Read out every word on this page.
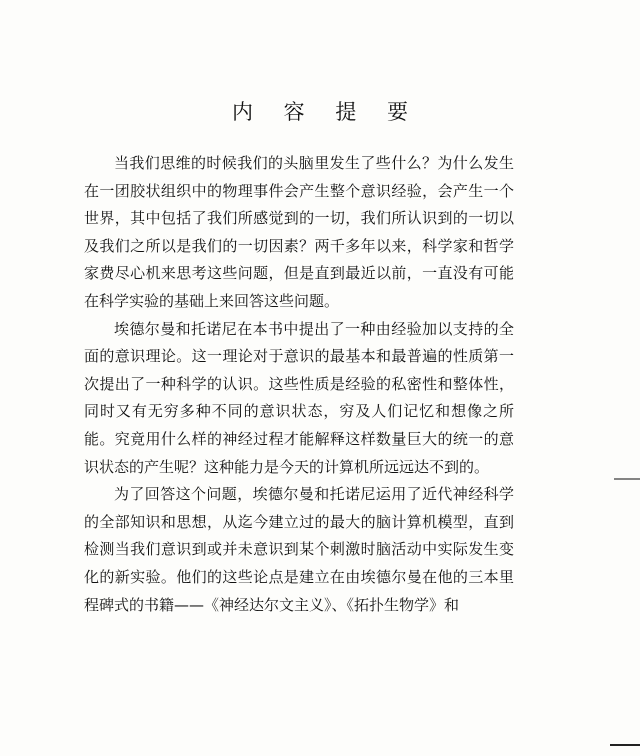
内 容 提 要

当我们思维的时候我们的头脑里发生了些什么？为什么发生在一团胶状组织中的物理事件会产生整个意识经验，会产生一个世界，其中包括了我们所感觉到的一切，我们所认识到的一切以及我们之所以是我们的一切因素？两千多年以来，科学家和哲学家费尽心机来思考这些问题，但是直到最近以前，一直没有可能在科学实验的基础上来回答这些问题。

埃德尔曼和托诺尼在本书中提出了一种由经验加以支持的全面的意识理论。这一理论对于意识的最基本和最普遍的性质第一次提出了一种科学的认识。这些性质是经验的私密性和整体性，同时又有无穷多种不同的意识状态，穷及人们记忆和想像之所能。究竟用什么样的神经过程才能解释这样数量巨大的统一的意识状态的产生呢？这种能力是今天的计算机所远远达不到的。

为了回答这个问题，埃德尔曼和托诺尼运用了近代神经科学的全部知识和思想，从迄今建立过的最大的脑计算机模型，直到检测当我们意识到或并未意识到某个刺激时脑活动中实际发生变化的新实验。他们的这些论点是建立在由埃德尔曼在他的三本里程碑式的书籍——《神经达尔文主义》、《拓扑生物学》和
